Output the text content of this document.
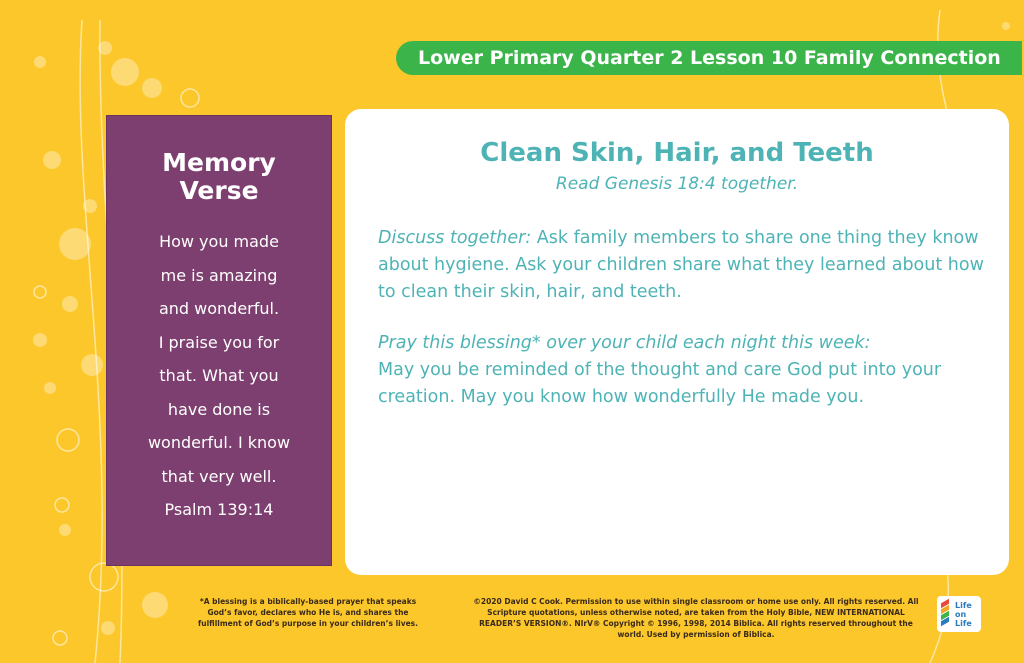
Lower Primary Quarter 2 Lesson 10 Family Connection
Memory
Verse
How you made
me is amazing
and wonderful.
I praise you for
that. What you
have done is
wonderful. I know
that very well.
Psalm 139:14
Clean Skin, Hair, and Teeth
Read Genesis 18:4 together.
Discuss together: Ask family members to share one thing they know about hygiene. Ask your children share what they learned about how to clean their skin, hair, and teeth.
Pray this blessing* over your child each night this week:
May you be reminded of the thought and care God put into your creation. May you know how wonderfully He made you.
*A blessing is a biblically-based prayer that speaks God’s favor, declares who He is, and shares the fulfillment of God’s purpose in your children’s lives.
©2020 David C Cook. Permission to use within single classroom or home use only. All rights reserved. All Scripture quotations, unless otherwise noted, are taken from the Holy Bible, NEW INTERNATIONAL READER’S VERSION®. NIrV® Copyright © 1996, 1998, 2014 Biblica. All rights reserved throughout the world. Used by permission of Biblica.
Life
on
Life
